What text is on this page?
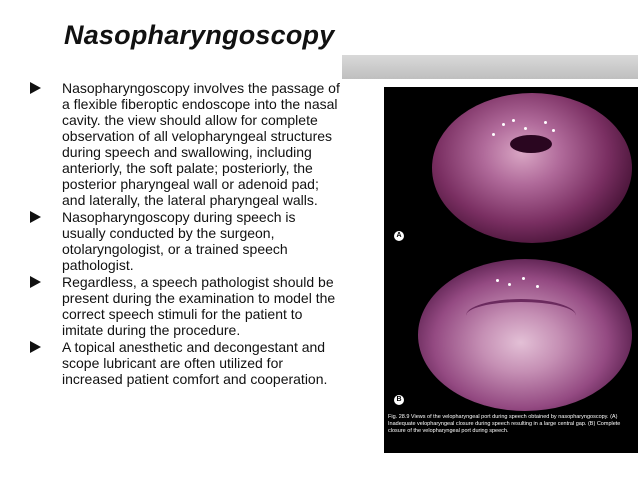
Nasopharyngoscopy
Nasopharyngoscopy involves the passage of a flexible fiberoptic endoscope into the nasal cavity. the view should allow for complete observation of all velopharyngeal structures during speech and swallowing, including anteriorly, the soft palate; posteriorly, the posterior pharyngeal wall or adenoid pad; and laterally, the lateral pharyngeal walls.
Nasopharyngoscopy during speech is usually conducted by the surgeon, otolaryngologist, or a trained speech pathologist.
Regardless, a speech pathologist should be present during the examination to model the correct speech stimuli for the patient to imitate during the procedure.
A topical anesthetic and decongestant and scope lubricant are often utilized for increased patient comfort and cooperation.
A
B
Fig. 28.9 Views of the velopharyngeal port during speech obtained by nasopharyngoscopy. (A) Inadequate velopharyngeal closure during speech resulting in a large central gap. (B) Complete closure of the velopharyngeal port during speech.
